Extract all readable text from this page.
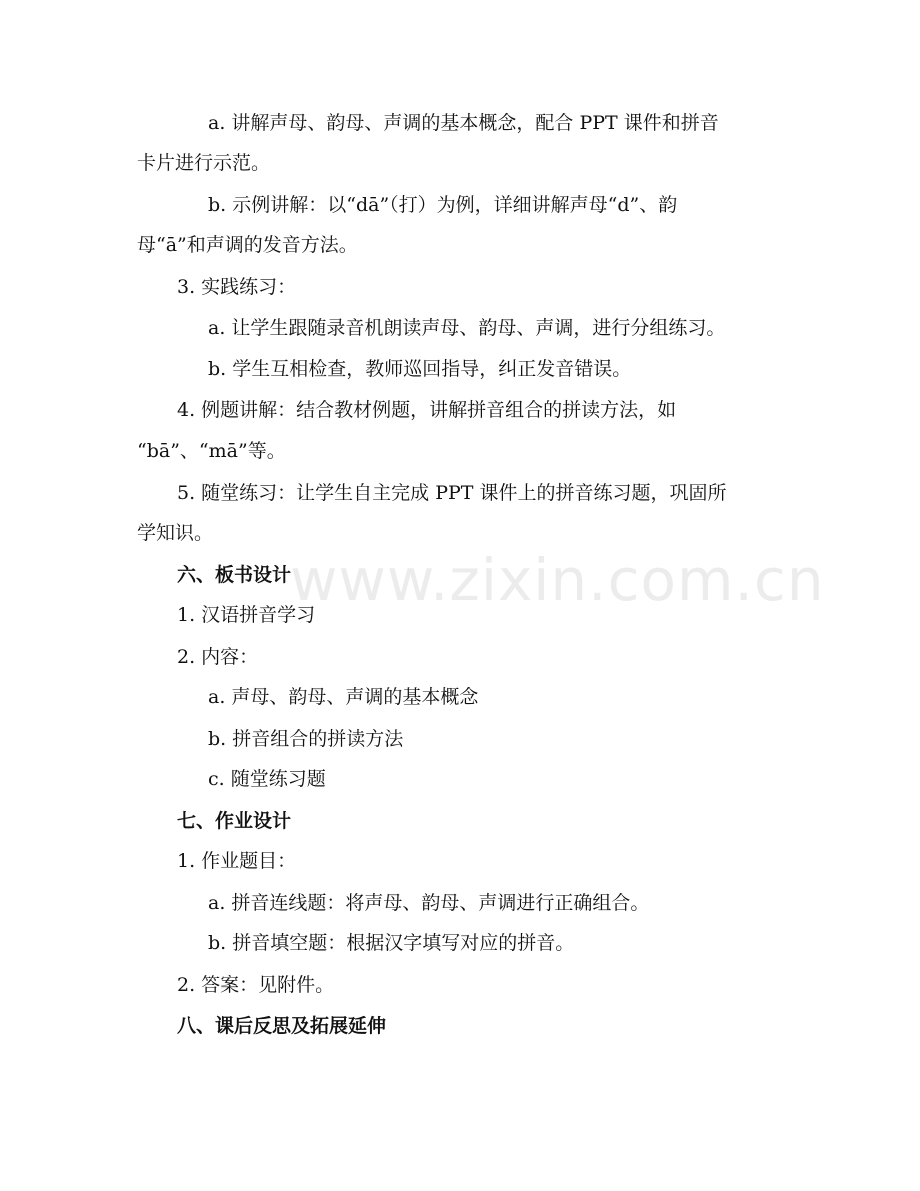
www.zixin.com.cn
a. 讲解声母、韵母、声调的基本概念，配合 PPT 课件和拼音
卡片进行示范。
b. 示例讲解：以“dā”（打）为例，详细讲解声母“d”、韵
母“ā”和声调的发音方法。
3. 实践练习：
a. 让学生跟随录音机朗读声母、韵母、声调，进行分组练习。
b. 学生互相检查，教师巡回指导，纠正发音错误。
4. 例题讲解：结合教材例题，讲解拼音组合的拼读方法，如
“bā”、“mā”等。
5. 随堂练习：让学生自主完成 PPT 课件上的拼音练习题，巩固所
学知识。
六、板书设计
1. 汉语拼音学习
2. 内容：
a. 声母、韵母、声调的基本概念
b. 拼音组合的拼读方法
c. 随堂练习题
七、作业设计
1. 作业题目：
a. 拼音连线题：将声母、韵母、声调进行正确组合。
b. 拼音填空题：根据汉字填写对应的拼音。
2. 答案：见附件。
八、课后反思及拓展延伸
